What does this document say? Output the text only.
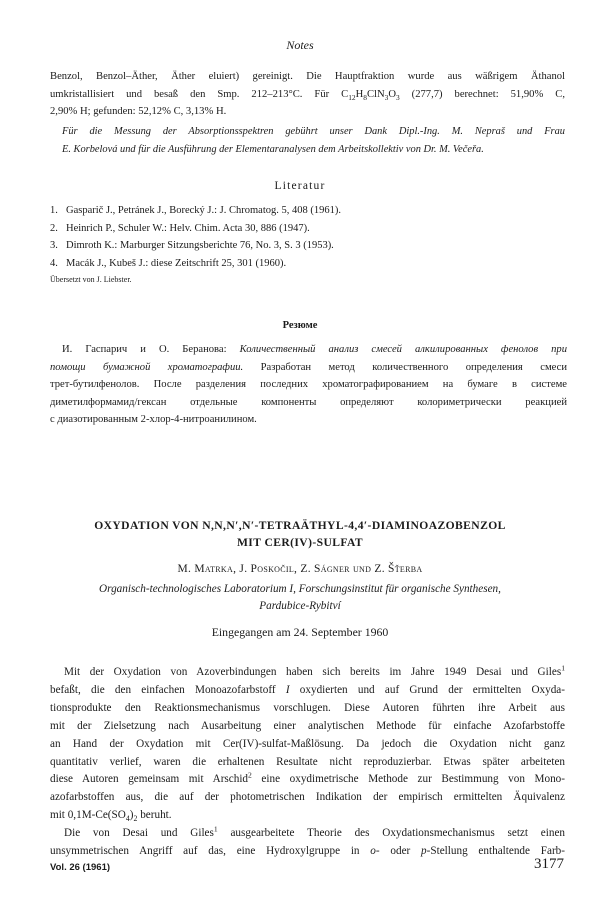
Notes
Benzol, Benzol–Äther, Äther eluiert) gereinigt. Die Hauptfraktion wurde aus wäßrigem Äthanol
umkristallisiert und besaß den Smp. 212–213°C. Für $C_{12}H_8ClN_3O_3$ (277,7) berechnet: 51,90% C,
2,90% H; gefunden: 52,12% C, 3,13% H.
Für die Messung der Absorptionsspektren gebührt unser Dank Dipl.-Ing. M. Nepraš und Frau
E. Korbelová und für die Ausführung der Elementaranalysen dem Arbeitskollektiv von Dr. M. Večeřa.
Literatur
1. Gasparič J., Petránek J., Borecký J.: J. Chromatog. 5, 408 (1961).
2. Heinrich P., Schuler W.: Helv. Chim. Acta 30, 886 (1947).
3. Dimroth K.: Marburger Sitzungsberichte 76, No. 3, S. 3 (1953).
4. Macák J., Kubeš J.: diese Zeitschrift 25, 301 (1960).
Übersetzt von J. Liebster.
Резюме
И. Гаспарич и О. Беранова: Количественный анализ смесей алкилированных фенолов при
помощи бумажной хроматографии. Разработан метод количественного определения смеси
трет-бутилфенолов. После разделения последних хроматографированием на бумаге в системе
диметилформамид/гексан отдельные компоненты определяют колориметрически реакцией
с диазотированным 2-хлор-4-нитроанилином.
OXYDATION VON N,N,N′,N′-TETRAÄTHYL-4,4′-DIAMINOAZOBENZOL
MIT CER(IV)-SULFAT
M. Matrka, J. Poskočil, Z. Ságner und Z. Šťerba
Organisch-technologisches Laboratorium I, Forschungsinstitut für organische Synthesen,
Pardubice-Rybitví
Eingegangen am 24. September 1960
Mit der Oxydation von Azoverbindungen haben sich bereits im Jahre 1949 Desai und Giles$^1$
befaßt, die den einfachen Monoazofarbstoff I oxydierten und auf Grund der ermittelten Oxyda-
tionsprodukte den Reaktionsmechanismus vorschlugen. Diese Autoren führten ihre Arbeit aus
mit der Zielsetzung nach Ausarbeitung einer analytischen Methode für einfache Azofarbstoffe
an Hand der Oxydation mit Cer(IV)-sulfat-Maßlösung. Da jedoch die Oxydation nicht ganz
quantitativ verlief, waren die erhaltenen Resultate nicht reproduzierbar. Etwas später arbeiteten
diese Autoren gemeinsam mit Arschid$^2$ eine oxydimetrische Methode zur Bestimmung von Mono-
azofarbstoffen aus, die auf der photometrischen Indikation der empirisch ermittelten Äquivalenz
mit $0,1M-Ce(SO_4)_2$ beruht.
Die von Desai und Giles$^1$ ausgearbeitete Theorie des Oxydationsmechanismus setzt einen
unsymmetrischen Angriff auf das, eine Hydroxylgruppe in o- oder p-Stellung enthaltende Farb-
Vol. 26 (1961)	3177
